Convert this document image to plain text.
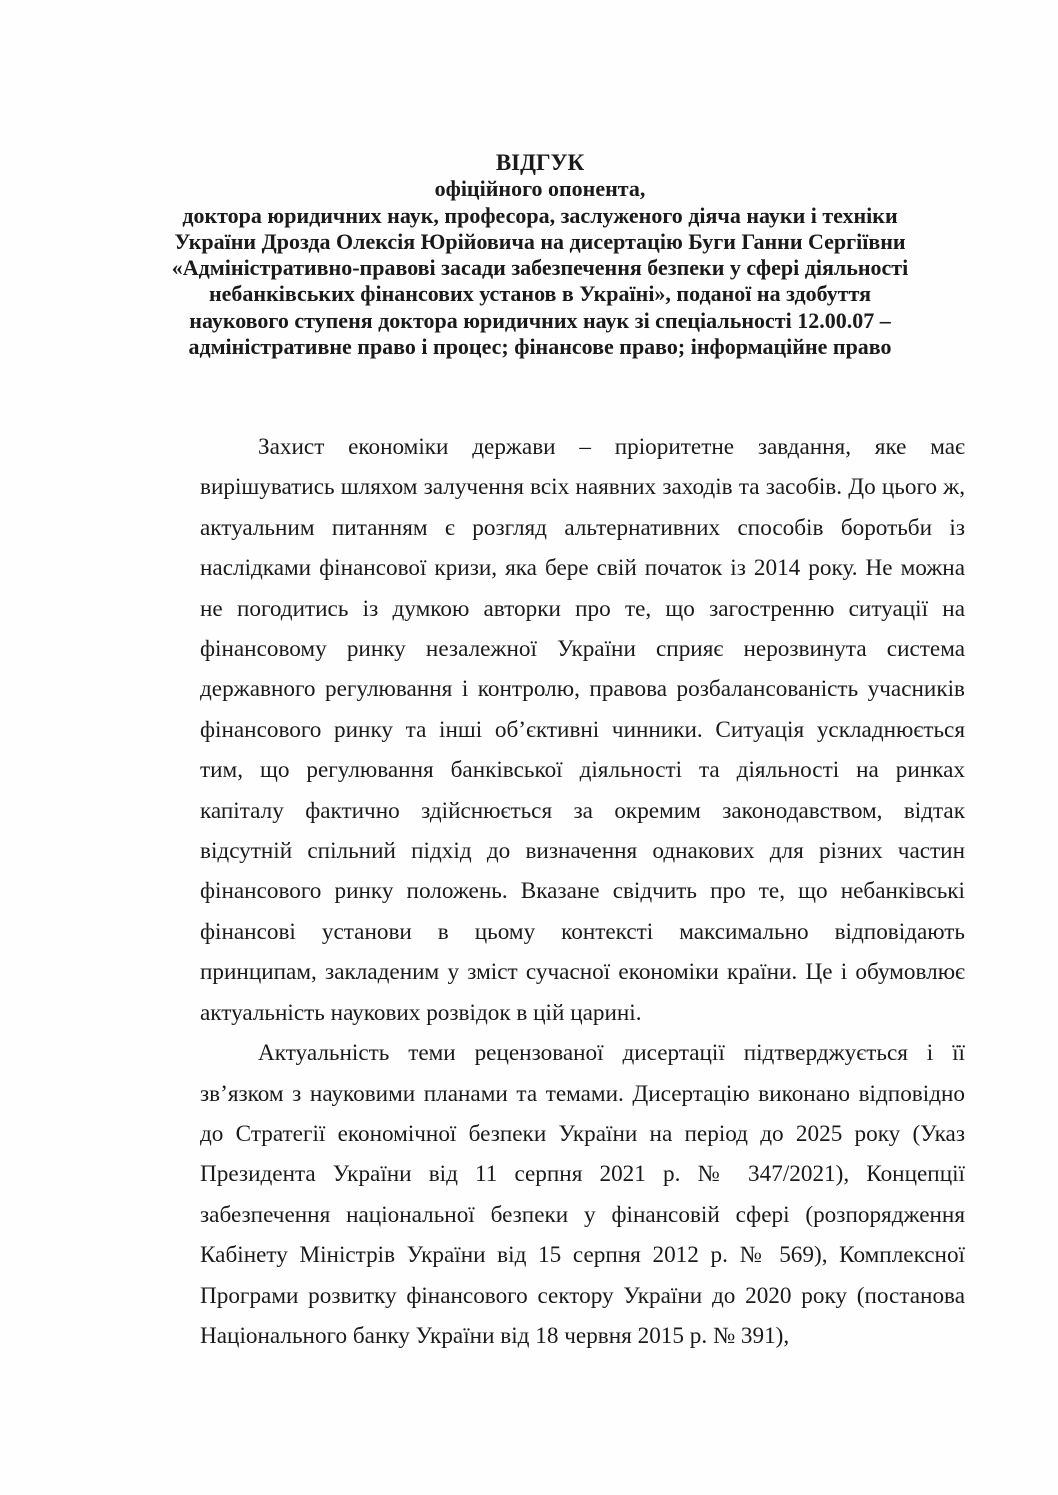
ВІДГУК
офіційного опонента,
доктора юридичних наук, професора, заслуженого діяча науки і техніки
України Дрозда Олексія Юрійовича на дисертацію Буги Ганни Сергіївни
«Адміністративно-правові засади забезпечення безпеки у сфері діяльності
небанківських фінансових установ в Україні», поданої на здобуття
наукового ступеня доктора юридичних наук зі спеціальності 12.00.07 –
адміністративне право і процес; фінансове право; інформаційне право

Захист економіки держави – пріоритетне завдання, яке має вирішуватись шляхом залучення всіх наявних заходів та засобів. До цього ж, актуальним питанням є розгляд альтернативних способів боротьби із наслідками фінансової кризи, яка бере свій початок із 2014 року. Не можна не погодитись із думкою авторки про те, що загостренню ситуації на фінансовому ринку незалежної України сприяє нерозвинута система державного регулювання і контролю, правова розбалансованість учасників фінансового ринку та інші об’єктивні чинники. Ситуація ускладнюється тим, що регулювання банківської діяльності та діяльності на ринках капіталу фактично здійснюється за окремим законодавством, відтак відсутній спільний підхід до визначення однакових для різних частин фінансового ринку положень. Вказане свідчить про те, що небанківські фінансові установи в цьому контексті максимально відповідають принципам, закладеним у зміст сучасної економіки країни. Це і обумовлює актуальність наукових розвідок в цій царині.

Актуальність теми рецензованої дисертації підтверджується і її зв’язком з науковими планами та темами. Дисертацію виконано відповідно до Стратегії економічної безпеки України на період до 2025 року (Указ Президента України від 11 серпня 2021 р. № 347/2021), Концепції забезпечення національної безпеки у фінансовій сфері (розпорядження Кабінету Міністрів України від 15 серпня 2012 р. № 569), Комплексної Програми розвитку фінансового сектору України до 2020 року (постанова Національного банку України від 18 червня 2015 р. № 391),
